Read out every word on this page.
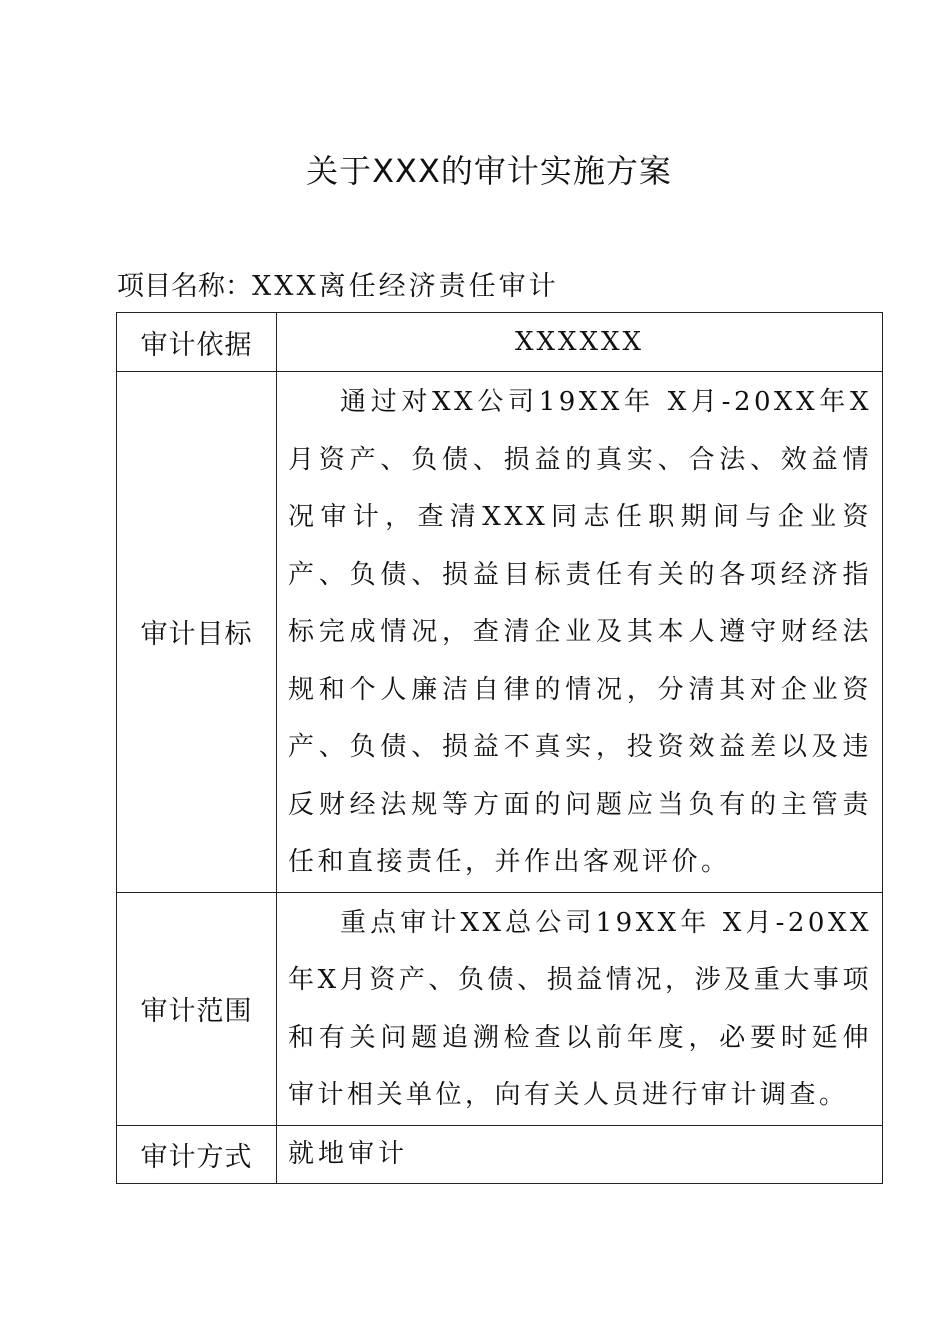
关于XXX的审计实施方案
项目名称：XXX离任经济责任审计
审计依据	XXXXXX

审计目标	通过对XX公司19XX年 X月-20XX年X月资产、负债、损益的真实、合法、效益情况审计，查清XXX同志任职期间与企业资产、负债、损益目标责任有关的各项经济指标完成情况，查清企业及其本人遵守财经法规和个人廉洁自律的情况，分清其对企业资产、负债、损益不真实，投资效益差以及违反财经法规等方面的问题应当负有的主管责任和直接责任，并作出客观评价。

审计范围	重点审计XX总公司19XX年 X月-20XX年X月资产、负债、损益情况，涉及重大事项和有关问题追溯检查以前年度，必要时延伸审计相关单位，向有关人员进行审计调查。

审计方式	就地审计
